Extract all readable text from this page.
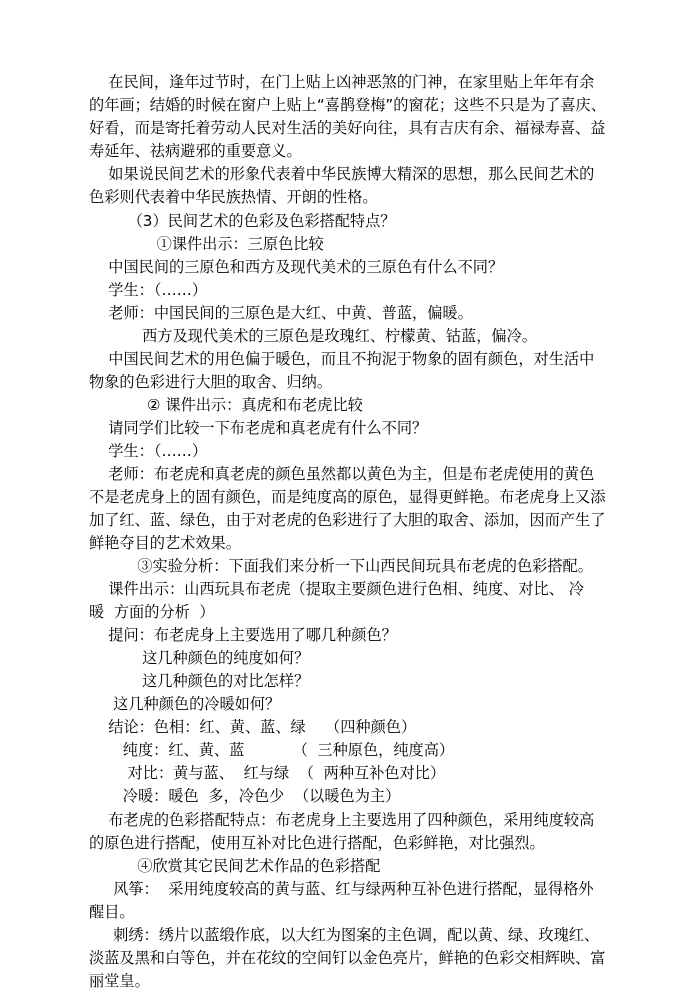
在民间，逢年过节时，在门上贴上凶神恶煞的门神，在家里贴上年年有余

的年画；结婚的时候在窗户上贴上“喜鹊登梅”的窗花；这些不只是为了喜庆、

好看，而是寄托着劳动人民对生活的美好向往，具有吉庆有余、福禄寿喜、益

寿延年、祛病避邪的重要意义。

如果说民间艺术的形象代表着中华民族博大精深的思想，那么民间艺术的

色彩则代表着中华民族热情、开朗的性格。

（3）民间艺术的色彩及色彩搭配特点？

①课件出示：三原色比较

中国民间的三原色和西方及现代美术的三原色有什么不同？

学生：（……）

老师：中国民间的三原色是大红、中黄、普蓝，偏暖。

西方及现代美术的三原色是玫瑰红、柠檬黄、钴蓝，偏冷。

中国民间艺术的用色偏于暖色，而且不拘泥于物象的固有颜色，对生活中

物象的色彩进行大胆的取舍、归纳。

② 课件出示：真虎和布老虎比较

请同学们比较一下布老虎和真老虎有什么不同？

学生：（……）

老师：布老虎和真老虎的颜色虽然都以黄色为主，但是布老虎使用的黄色

不是老虎身上的固有颜色，而是纯度高的原色，显得更鲜艳。布老虎身上又添

加了红、蓝、绿色，由于对老虎的色彩进行了大胆的取舍、添加，因而产生了

鲜艳夺目的艺术效果。

③实验分析：下面我们来分析一下山西民间玩具布老虎的色彩搭配。

课件出示：山西玩具布老虎（提取主要颜色进行色相、纯度、对比、 冷

暖  方面的分析  ）

提问：布老虎身上主要选用了哪几种颜色？

这几种颜色的纯度如何？

这几种颜色的对比怎样？

这几种颜色的冷暖如何？

结论：色相：红、黄、蓝、绿    （四种颜色）

纯度：红、黄、蓝          （  三种原色，纯度高）

对比：黄与蓝、  红与绿  （  两种互补色对比）

冷暖：暖色  多，冷色少  （以暖色为主）

布老虎的色彩搭配特点：布老虎身上主要选用了四种颜色，采用纯度较高

的原色进行搭配，使用互补对比色进行搭配，色彩鲜艳，对比强烈。

④欣赏其它民间艺术作品的色彩搭配

风筝：  采用纯度较高的黄与蓝、红与绿两种互补色进行搭配，显得格外

醒目。

刺绣：绣片以蓝缎作底，以大红为图案的主色调，配以黄、绿、玫瑰红、

淡蓝及黑和白等色，并在花纹的空间钉以金色亮片，鲜艳的色彩交相辉映、富

丽堂皇。
